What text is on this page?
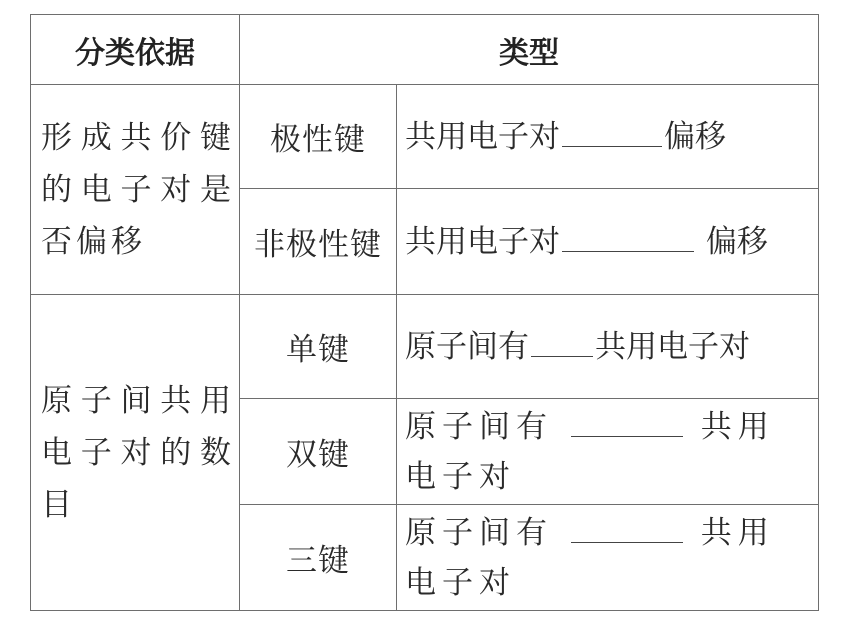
分类依据	类型	
形成共价键的电子对是否偏移	极性键	共用电子对 偏移
	非极性键	共用电子对 偏移
原子间共用电子对的数目	单键	原子间有 共用电子对
	双键	原子间有 共用电子对
	三键	原子间有 共用电子对
